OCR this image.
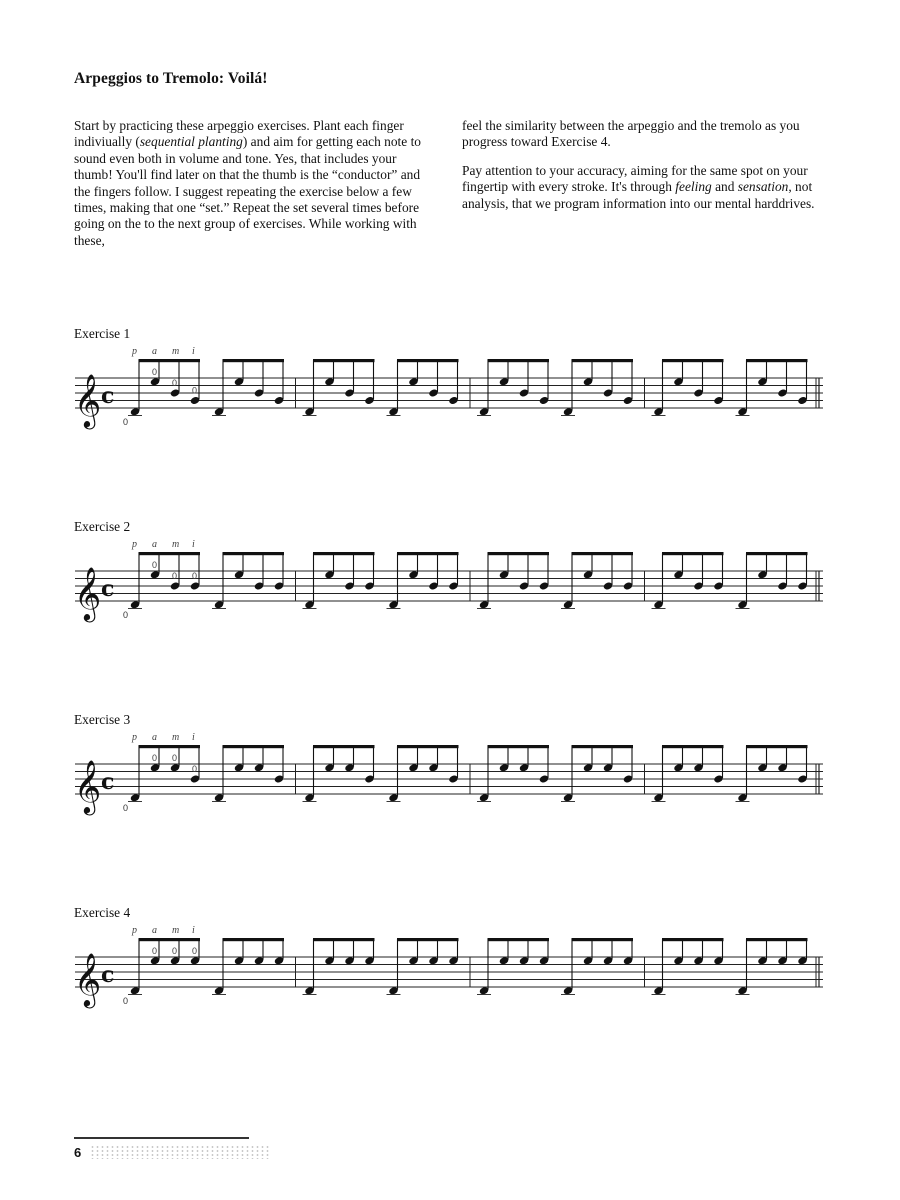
Arpeggios to Tremolo: Voilá!

Start by practicing these arpeggio exercises. Plant each finger indiviually (sequential planting) and aim for getting each note to sound even both in volume and tone. Yes, that includes your thumb! You'll find later on that the thumb is the “conductor” and the fingers follow. I suggest repeating the exercise below a few times, making that one “set.” Repeat the set several times before going on the to the next group of exercises. While working with these,

feel the similarity between the arpeggio and the tremolo as you progress toward Exercise 4.

Pay attention to your accuracy, aiming for the same spot on your fingertip with every stroke. It's through feeling and sensation, not analysis, that we program information into our mental harddrives.

Exercise 1
𝄞 c
p a m i
0
0
0
0
Exercise 2
𝄞 c
p a m i
0
0
0 0
Exercise 3
𝄞 c
p a m i
0
0 0
0
Exercise 4
𝄞 c
p a m i
0
0 0 0
6
